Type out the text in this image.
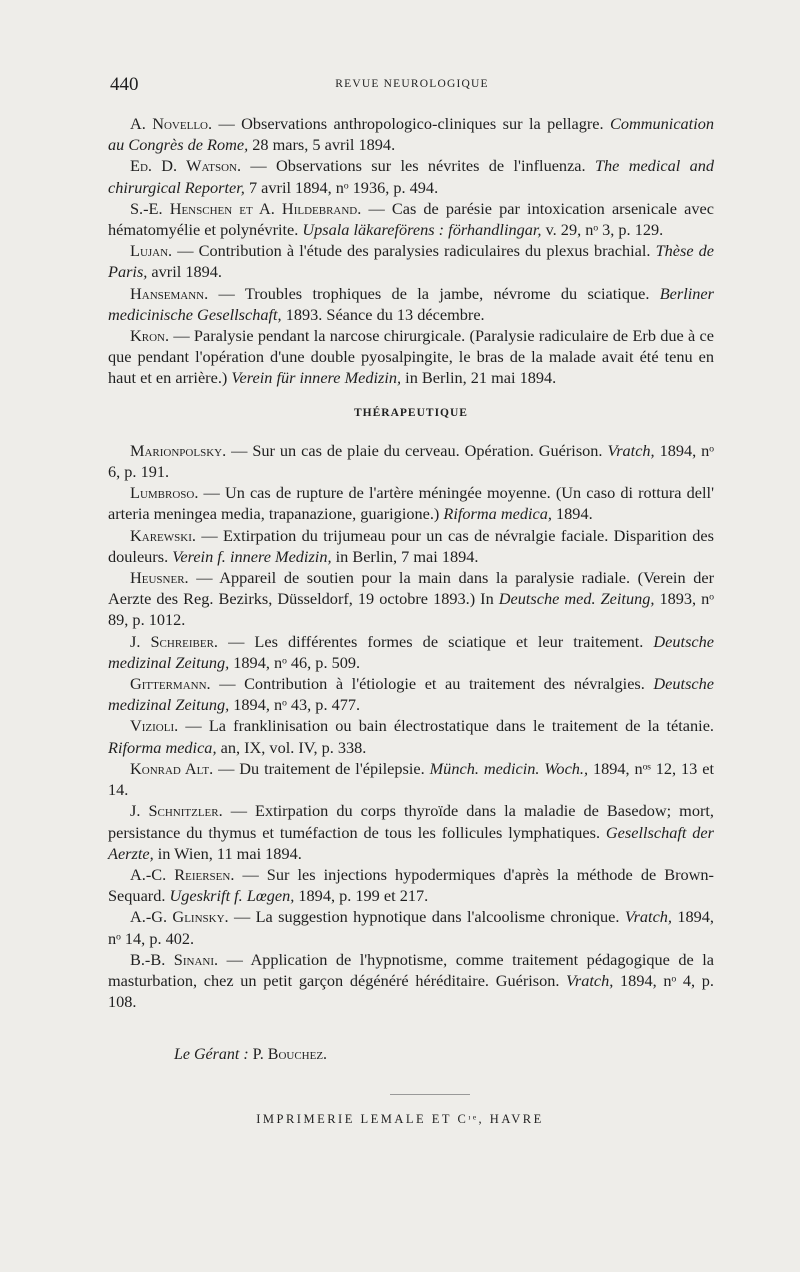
440	REVUE NEUROLOGIQUE

A. Novello. — Observations anthropologico-cliniques sur la pellagre. Communication au Congrès de Rome, 28 mars, 5 avril 1894.

Ed. D. Watson. — Observations sur les névrites de l'influenza. The medical and chirurgical Reporter, 7 avril 1894, nᵒ 1936, p. 494.

S.-E. Henschen et A. Hildebrand. — Cas de parésie par intoxication arsenicale avec hématomyélie et polynévrite. Upsala läkareförens : förhandlingar, v. 29, nᵒ 3, p. 129.

Lujan. — Contribution à l'étude des paralysies radiculaires du plexus brachial. Thèse de Paris, avril 1894.

Hansemann. — Troubles trophiques de la jambe, névrome du sciatique. Berliner medicinische Gesellschaft, 1893. Séance du 13 décembre.

Kron. — Paralysie pendant la narcose chirurgicale. (Paralysie radiculaire de Erb due à ce que pendant l'opération d'une double pyosalpingite, le bras de la malade avait été tenu en haut et en arrière.) Verein für innere Medizin, in Berlin, 21 mai 1894.

THÉRAPEUTIQUE

Marionpolsky. — Sur un cas de plaie du cerveau. Opération. Guérison. Vratch, 1894, nᵒ 6, p. 191.

Lumbroso. — Un cas de rupture de l'artère méningée moyenne. (Un caso di rottura dell' arteria meningea media, trapanazione, guarigione.) Riforma medica, 1894.

Karewski. — Extirpation du trijumeau pour un cas de névralgie faciale. Disparition des douleurs. Verein f. innere Medizin, in Berlin, 7 mai 1894.

Heusner. — Appareil de soutien pour la main dans la paralysie radiale. (Verein der Aerzte des Reg. Bezirks, Düsseldorf, 19 octobre 1893.) In Deutsche med. Zeitung, 1893, nᵒ 89, p. 1012.

J. Schreiber. — Les différentes formes de sciatique et leur traitement. Deutsche medizinal Zeitung, 1894, nᵒ 46, p. 509.

Gittermann. — Contribution à l'étiologie et au traitement des névralgies. Deutsche medizinal Zeitung, 1894, nᵒ 43, p. 477.

Vizioli. — La franklinisation ou bain électrostatique dans le traitement de la tétanie. Riforma medica, an, IX, vol. IV, p. 338.

Konrad Alt. — Du traitement de l'épilepsie. Münch. medicin. Woch., 1894, nᵒˢ 12, 13 et 14.

J. Schnitzler. — Extirpation du corps thyroïde dans la maladie de Basedow; mort, persistance du thymus et tuméfaction de tous les follicules lymphatiques. Gesellschaft der Aerzte, in Wien, 11 mai 1894.

A.-C. Reiersen. — Sur les injections hypodermiques d'après la méthode de Brown-Sequard. Ugeskrift f. Lœgen, 1894, p. 199 et 217.

A.-G. Glinsky. — La suggestion hypnotique dans l'alcoolisme chronique. Vratch, 1894, nᵒ 14, p. 402.

B.-B. Sinani. — Application de l'hypnotisme, comme traitement pédagogique de la masturbation, chez un petit garçon dégénéré héréditaire. Guérison. Vratch, 1894, nᵒ 4, p. 108.

Le Gérant : P. Bouchez.
IMPRIMERIE LEMALE ET Cᶦᵉ, HAVRE
